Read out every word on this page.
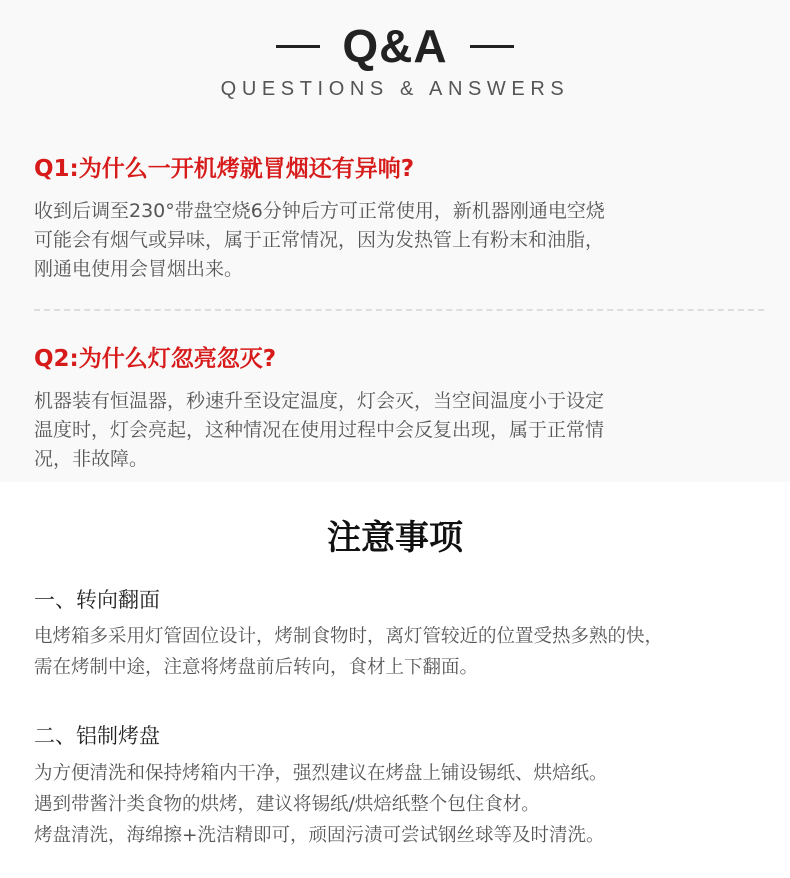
Q&A
QUESTIONS & ANSWERS
Q1:为什么一开机烤就冒烟还有异响?

收到后调至230°带盘空烧6分钟后方可正常使用，新机器刚通电空烧
可能会有烟气或异味，属于正常情况，因为发热管上有粉末和油脂，
刚通电使用会冒烟出来。

Q2:为什么灯忽亮忽灭?

机器装有恒温器，秒速升至设定温度，灯会灭，当空间温度小于设定
温度时，灯会亮起，这种情况在使用过程中会反复出现，属于正常情
况，非故障。

注意事项
一、转向翻面

电烤箱多采用灯管固位设计，烤制食物时，离灯管较近的位置受热多熟的快，
需在烤制中途，注意将烤盘前后转向，食材上下翻面。

二、铝制烤盘

为方便清洗和保持烤箱内干净，强烈建议在烤盘上铺设锡纸、烘焙纸。
遇到带酱汁类食物的烘烤，建议将锡纸/烘焙纸整个包住食材。
烤盘清洗，海绵擦+洗洁精即可，顽固污渍可尝试钢丝球等及时清洗。
